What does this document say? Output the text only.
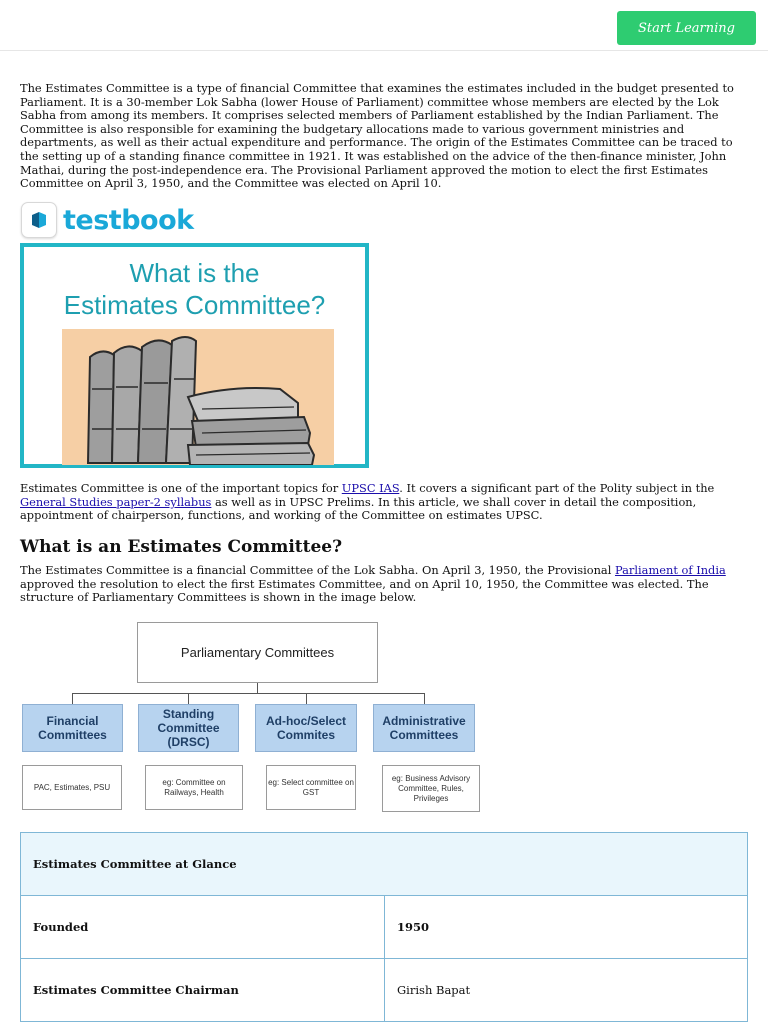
Start Learning

The Estimates Committee is a type of financial Committee that examines the estimates included in the budget presented to Parliament. It is a 30-member Lok Sabha (lower House of Parliament) committee whose members are elected by the Lok Sabha from among its members. It comprises selected members of Parliament established by the Indian Parliament. The Committee is also responsible for examining the budgetary allocations made to various government ministries and departments, as well as their actual expenditure and performance. The origin of the Estimates Committee can be traced to the setting up of a standing finance committee in 1921. It was established on the advice of the then-finance minister, John Mathai, during the post-independence era. The Provisional Parliament approved the motion to elect the first Estimates Committee on April 3, 1950, and the Committee was elected on April 10.

testbook
What is the
Estimates Committee?

Estimates Committee is one of the important topics for UPSC IAS. It covers a significant part of the Polity subject in the General Studies paper-2 syllabus as well as in UPSC Prelims. In this article, we shall cover in detail the composition, appointment of chairperson, functions, and working of the Committee on estimates UPSC.

What is an Estimates Committee?

The Estimates Committee is a financial Committee of the Lok Sabha. On April 3, 1950, the Provisional Parliament of India approved the resolution to elect the first Estimates Committee, and on April 10, 1950, the Committee was elected. The structure of Parliamentary Committees is shown in the image below.

Parliamentary Committees
Financial Committees
Standing Committee (DRSC)
Ad-hoc/Select Commites
Administrative Committees
PAC, Estimates, PSU
eg: Committee on Railways, Health
eg: Select committee on GST
eg: Business Advisory Committee, Rules, Privileges
Estimates Committee at Glance	
Founded	1950
Estimates Committee Chairman	Girish Bapat
